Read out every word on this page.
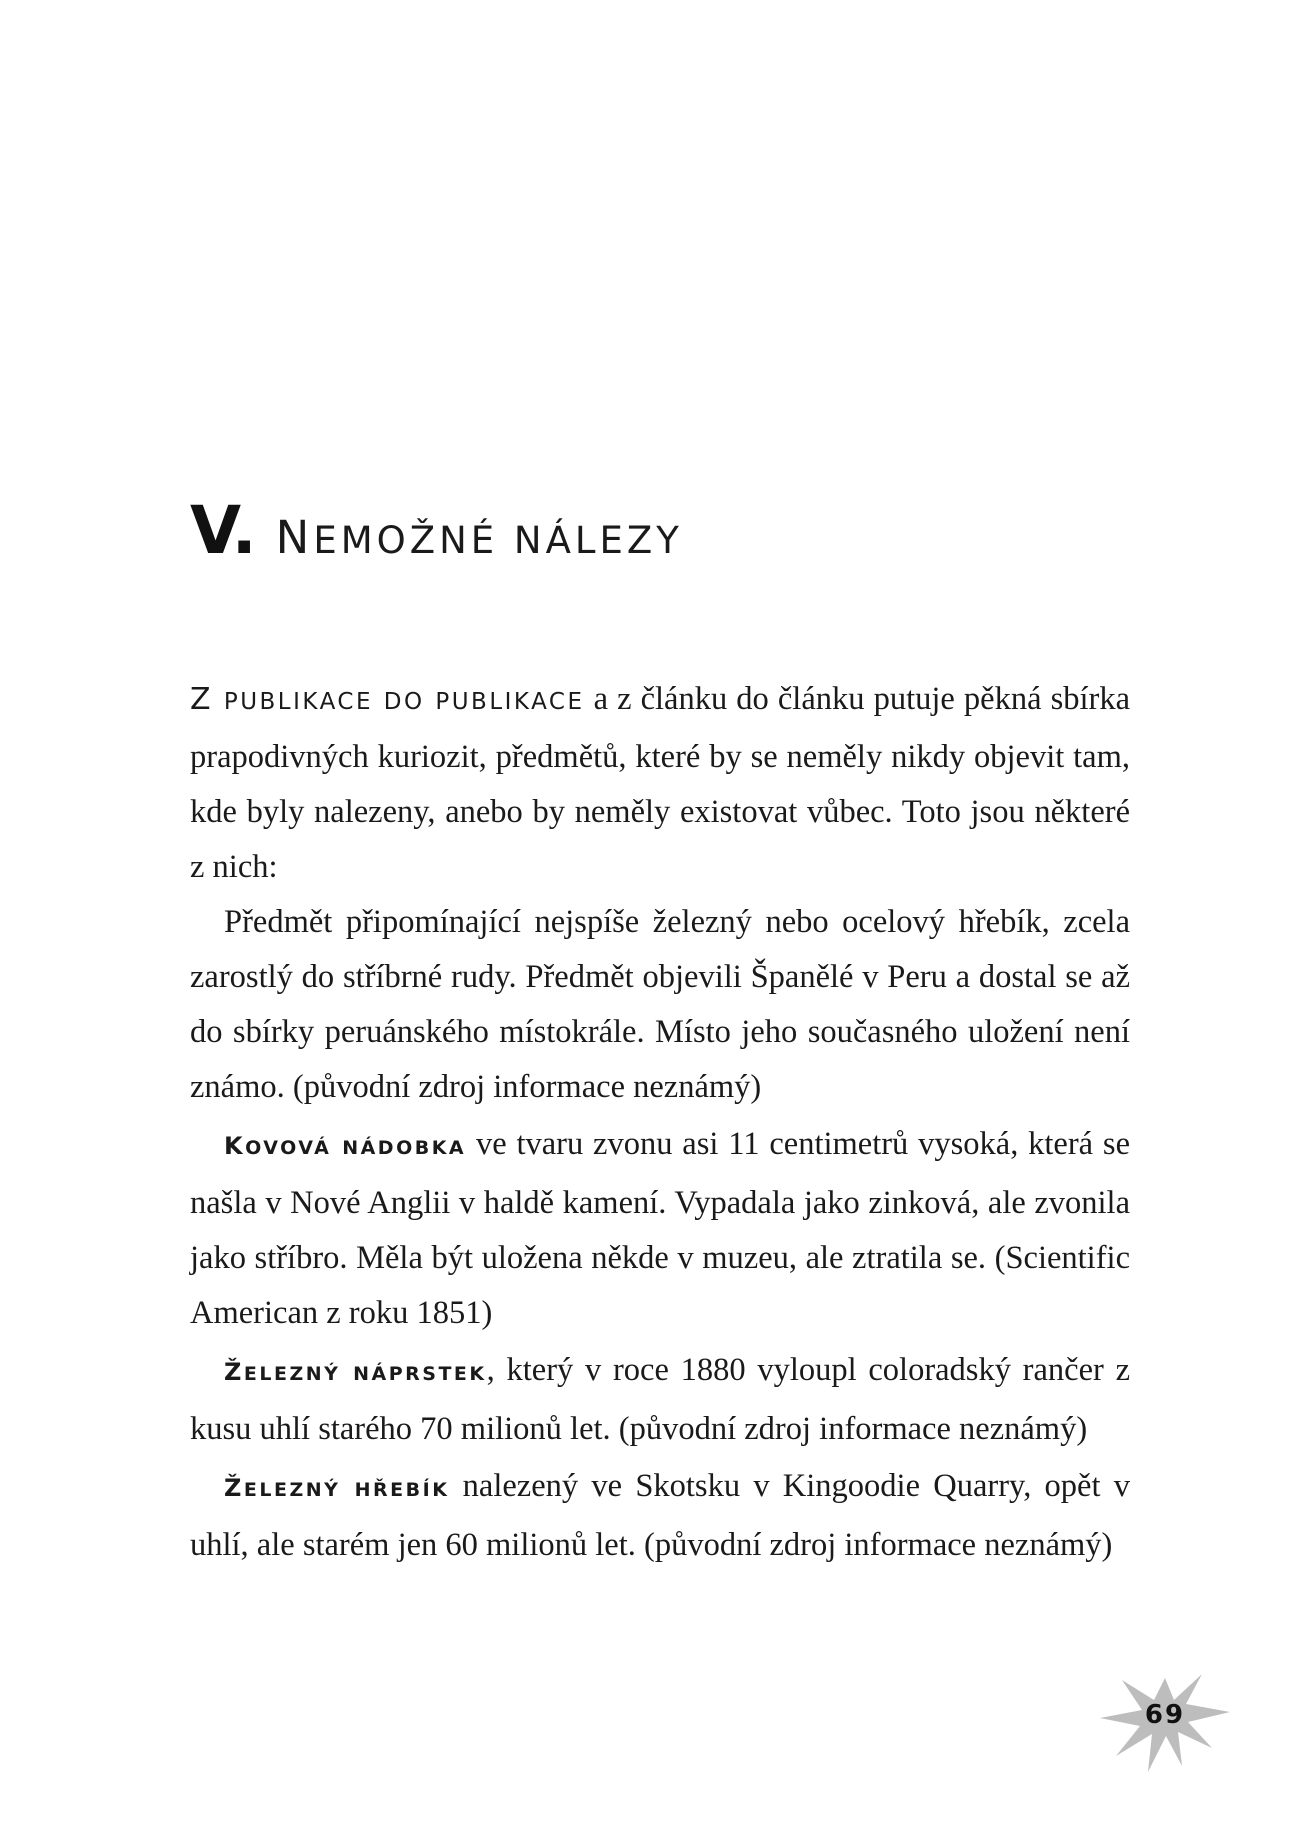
V. NEMOŽNÉ NÁLEZY

Z PUBLIKACE DO PUBLIKACE a z článku do článku putuje pěkná sbírka prapodivných kuriozit, předmětů, které by se neměly nikdy objevit tam, kde byly nalezeny, anebo by neměly existovat vůbec. Toto jsou některé z nich:

Předmět připomínající nejspíše železný nebo ocelový hřebík, zcela zarostlý do stříbrné rudy. Předmět objevili Španělé v Peru a dostal se až do sbírky peruánského místokrále. Místo jeho současného uložení není známo. (původní zdroj informace neznámý)

KOVOVÁ NÁDOBKA ve tvaru zvonu asi 11 centimetrů vysoká, která se našla v Nové Anglii v haldě kamení. Vypadala jako zinková, ale zvonila jako stříbro. Měla být uložena někde v muzeu, ale ztratila se. (Scientific American z roku 1851)

ŽELEZNÝ NÁPRSTEK, který v roce 1880 vyloupl coloradský rančer z kusu uhlí starého 70 milionů let. (původní zdroj informace neznámý)

ŽELEZNÝ HŘEBÍK nalezený ve Skotsku v Kingoodie Quarry, opět v uhlí, ale starém jen 60 milionů let. (původní zdroj informace neznámý)

69
